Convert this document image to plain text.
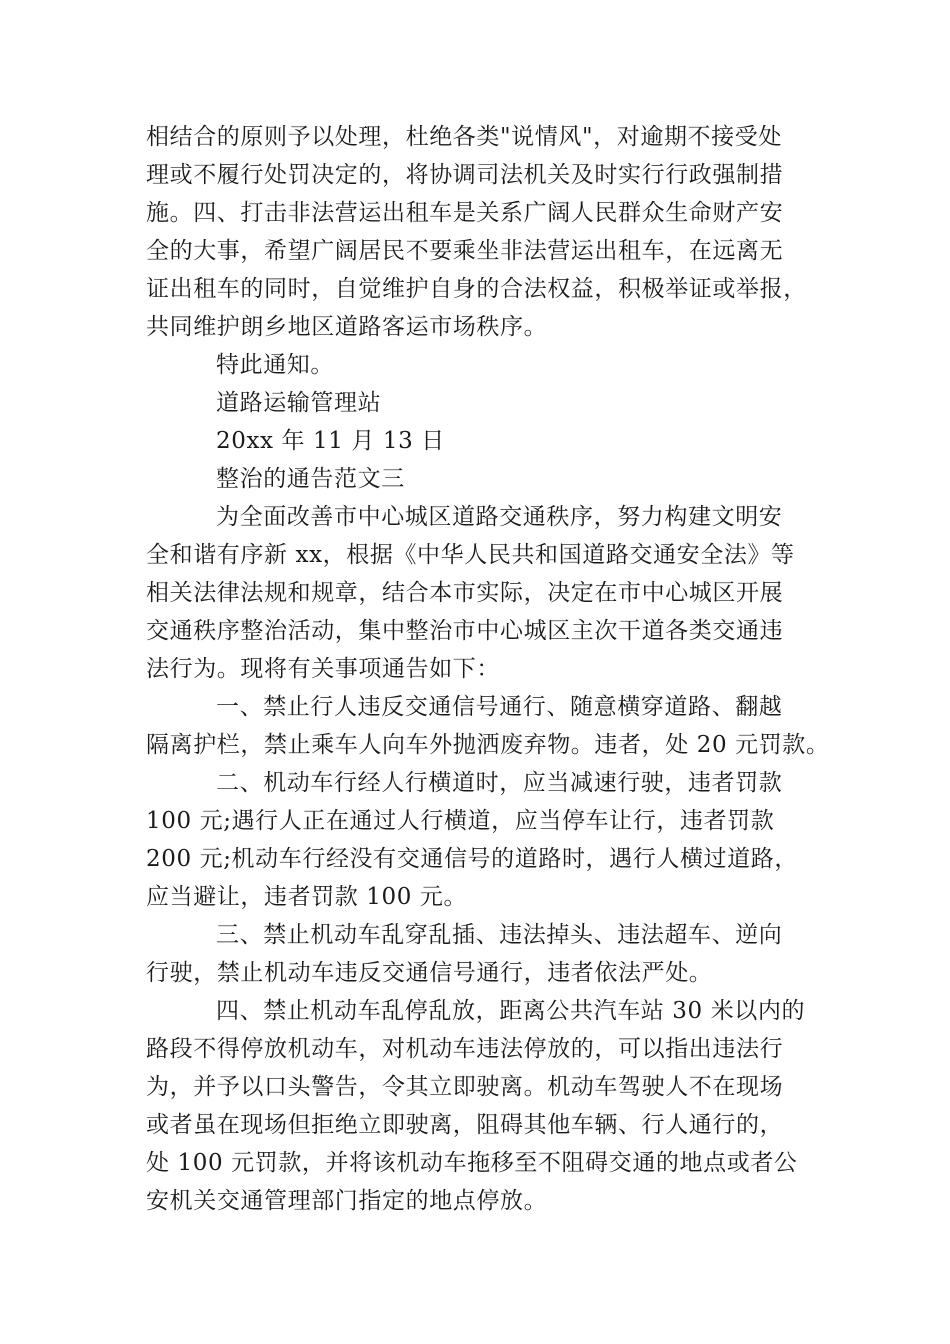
相结合的原则予以处理，杜绝各类"说情风"，对逾期不接受处
理或不履行处罚决定的，将协调司法机关及时实行行政强制措
施。四、打击非法营运出租车是关系广阔人民群众生命财产安
全的大事，希望广阔居民不要乘坐非法营运出租车，在远离无
证出租车的同时，自觉维护自身的合法权益，积极举证或举报，
共同维护朗乡地区道路客运市场秩序。
特此通知。
道路运输管理站
20xx 年 11 月 13 日
整治的通告范文三
为全面改善市中心城区道路交通秩序，努力构建文明安
全和谐有序新 xx，根据《中华人民共和国道路交通安全法》等
相关法律法规和规章，结合本市实际，决定在市中心城区开展
交通秩序整治活动，集中整治市中心城区主次干道各类交通违
法行为。现将有关事项通告如下：
一、禁止行人违反交通信号通行、随意横穿道路、翻越
隔离护栏，禁止乘车人向车外抛洒废弃物。违者，处 20 元罚款。
二、机动车行经人行横道时，应当减速行驶，违者罚款
100 元;遇行人正在通过人行横道，应当停车让行，违者罚款
200 元;机动车行经没有交通信号的道路时，遇行人横过道路，
应当避让，违者罚款 100 元。
三、禁止机动车乱穿乱插、违法掉头、违法超车、逆向
行驶，禁止机动车违反交通信号通行，违者依法严处。
四、禁止机动车乱停乱放，距离公共汽车站 30 米以内的
路段不得停放机动车，对机动车违法停放的，可以指出违法行
为，并予以口头警告，令其立即驶离。机动车驾驶人不在现场
或者虽在现场但拒绝立即驶离，阻碍其他车辆、行人通行的，
处 100 元罚款，并将该机动车拖移至不阻碍交通的地点或者公
安机关交通管理部门指定的地点停放。
